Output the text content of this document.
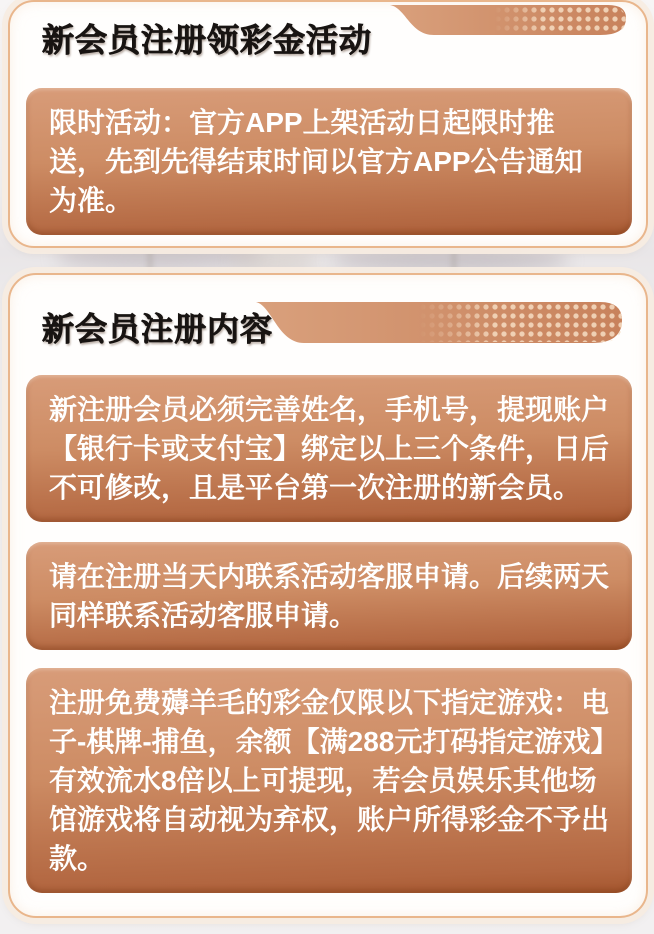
新会员注册领彩金活动
限时活动：官方APP上架活动日起限时推送，先到先得结束时间以官方APP公告通知为准。
新会员注册内容
新注册会员必须完善姓名，手机号，提现账户【银行卡或支付宝】绑定以上三个条件，日后不可修改，且是平台第一次注册的新会员。
请在注册当天内联系活动客服申请。后续两天同样联系活动客服申请。
注册免费薅羊毛的彩金仅限以下指定游戏：电子-棋牌-捕鱼，余额【满288元打码指定游戏】有效流水8倍以上可提现，若会员娱乐其他场馆游戏将自动视为弃权，账户所得彩金不予出款。
